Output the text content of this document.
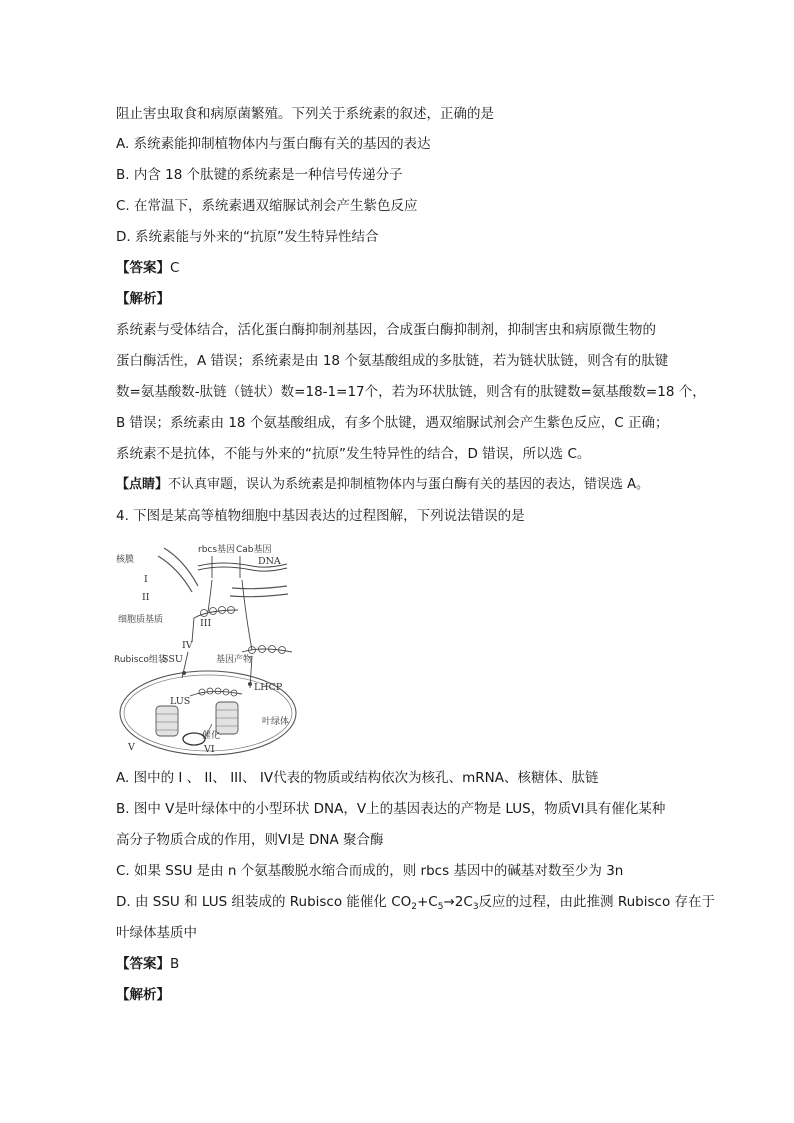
阻止害虫取食和病原菌繁殖。下列关于系统素的叙述，正确的是
A. 系统素能抑制植物体内与蛋白酶有关的基因的表达
B. 内含 18 个肽键的系统素是一种信号传递分子
C. 在常温下，系统素遇双缩脲试剂会产生紫色反应
D. 系统素能与外来的“抗原”发生特异性结合
【答案】C
【解析】
系统素与受体结合，活化蛋白酶抑制剂基因，合成蛋白酶抑制剂，抑制害虫和病原微生物的
蛋白酶活性，A 错误；系统素是由 18 个氨基酸组成的多肽链，若为链状肽链，则含有的肽键
数=氨基酸数-肽链（链状）数=18-1=17个，若为环状肽链，则含有的肽键数=氨基酸数=18 个，
B 错误；系统素由 18 个氨基酸组成，有多个肽键，遇双缩脲试剂会产生紫色反应，C 正确；
系统素不是抗体，不能与外来的“抗原”发生特异性的结合，D 错误，所以选 C。
【点睛】不认真审题，误认为系统素是抑制植物体内与蛋白酶有关的基因的表达，错误选 A。
4. 下图是某高等植物细胞中基因表达的过程图解，下列说法错误的是
核膜
I
II
rbcs基因 Cab基因
DNA
细胞质基质	III
IV
基因产物
SSU
Rubisco组装
LHCP
LUS
叶绿体
V
催化
VI
A. 图中的 I 、 II、 III、 IV代表的物质或结构依次为核孔、mRNA、核糖体、肽链
B. 图中 V是叶绿体中的小型环状 DNA，V上的基因表达的产物是 LUS，物质VI具有催化某种
高分子物质合成的作用，则VI是 DNA 聚合酶
C. 如果 SSU 是由 n 个氨基酸脱水缩合而成的，则 rbcs 基因中的碱基对数至少为 3n
D. 由 SSU 和 LUS 组装成的 Rubisco 能催化 $CO_2+C_5\to 2C_3$反应的过程，由此推测 Rubisco 存在于
叶绿体基质中
【答案】B
【解析】
